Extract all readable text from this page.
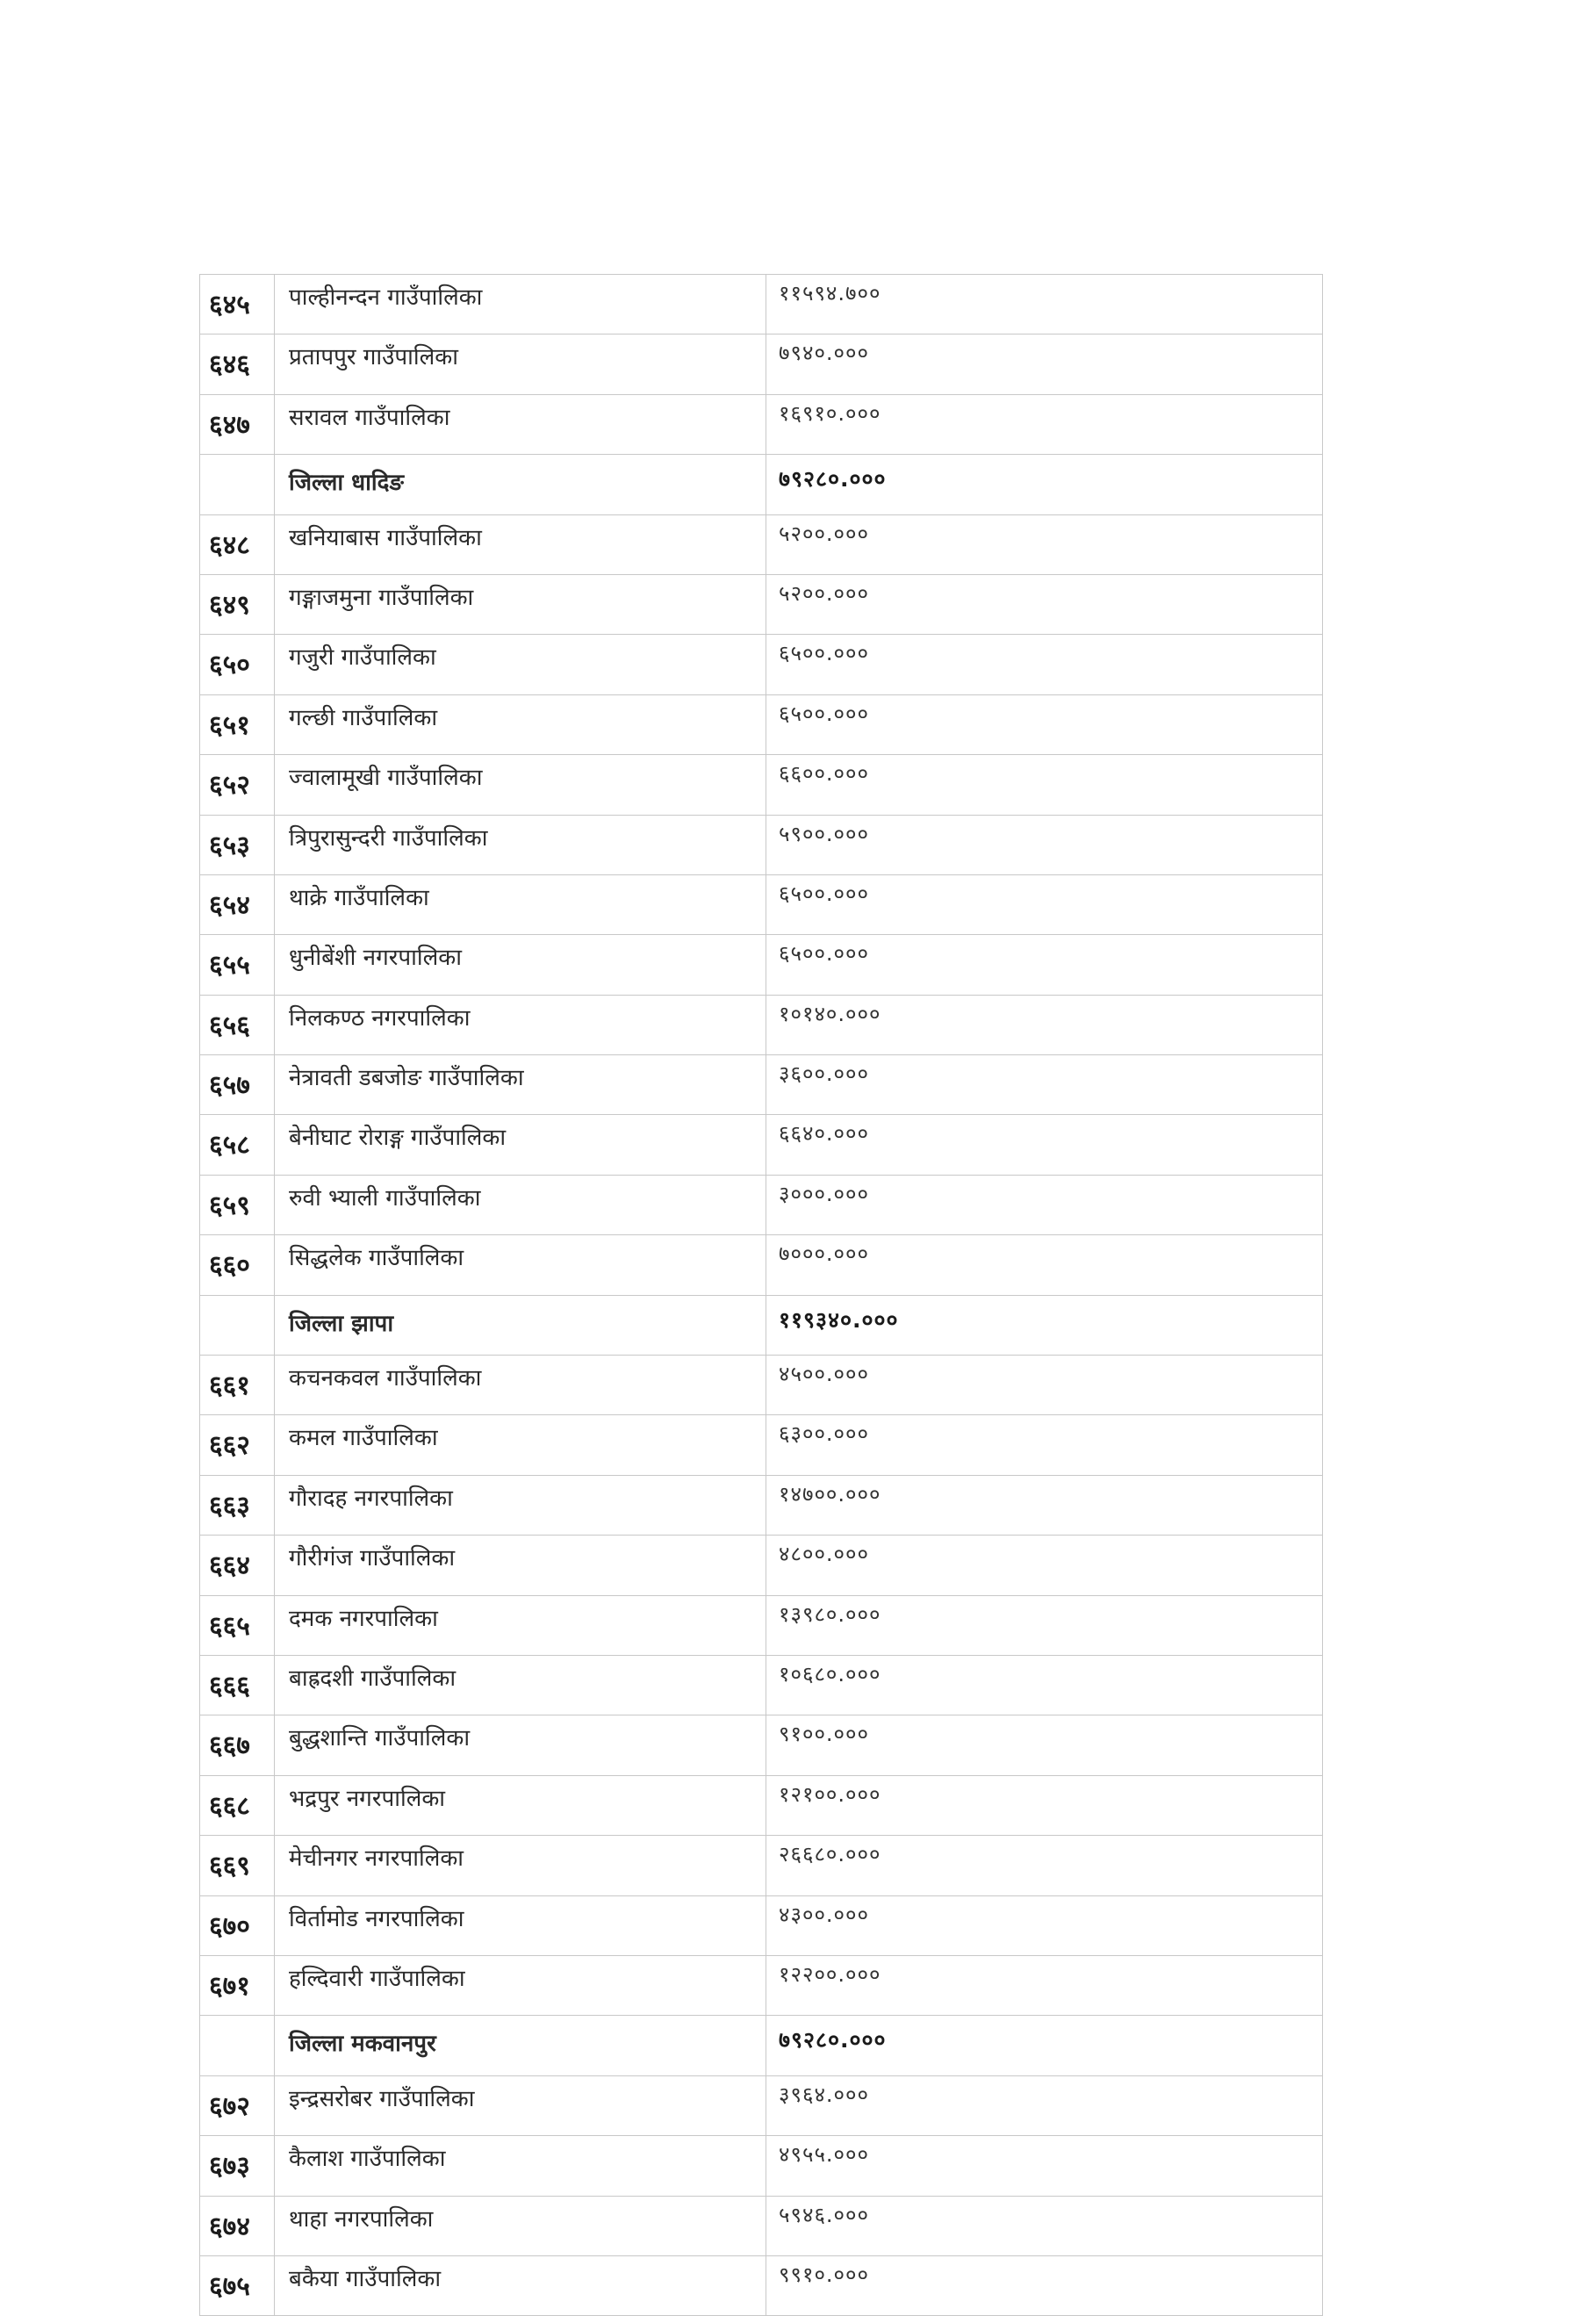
६४५	पाल्हीनन्दन गाउँपालिका	११५९४.७००
६४६	प्रतापपुर गाउँपालिका	७९४०.०००
६४७	सरावल गाउँपालिका	१६९१०.०००
	जिल्ला धादिङ	७९२८०.०००
६४८	खनियाबास गाउँपालिका	५२००.०००
६४९	गङ्गाजमुना गाउँपालिका	५२००.०००
६५०	गजुरी गाउँपालिका	६५००.०००
६५१	गल्छी गाउँपालिका	६५००.०००
६५२	ज्वालामूखी गाउँपालिका	६६००.०००
६५३	त्रिपुरासुन्दरी गाउँपालिका	५९००.०००
६५४	थाक्रे गाउँपालिका	६५००.०००
६५५	धुनीबेंशी नगरपालिका	६५००.०००
६५६	निलकण्ठ नगरपालिका	१०१४०.०००
६५७	नेत्रावती डबजोङ गाउँपालिका	३६००.०००
६५८	बेनीघाट रोराङ्ग गाउँपालिका	६६४०.०००
६५९	रुवी भ्याली गाउँपालिका	३०००.०००
६६०	सिद्धलेक गाउँपालिका	७०००.०००
	जिल्ला झापा	११९३४०.०००
६६१	कचनकवल गाउँपालिका	४५००.०००
६६२	कमल गाउँपालिका	६३००.०००
६६३	गौरादह नगरपालिका	१४७००.०००
६६४	गौरीगंज गाउँपालिका	४८००.०००
६६५	दमक नगरपालिका	१३९८०.०००
६६६	बाह्रदशी गाउँपालिका	१०६८०.०००
६६७	बुद्धशान्ति गाउँपालिका	९१००.०००
६६८	भद्रपुर नगरपालिका	१२१००.०००
६६९	मेचीनगर नगरपालिका	२६६८०.०००
६७०	विर्तामोड नगरपालिका	४३००.०००
६७१	हल्दिवारी गाउँपालिका	१२२००.०००
	जिल्ला मकवानपुर	७९२८०.०००
६७२	इन्द्रसरोबर गाउँपालिका	३९६४.०००
६७३	कैलाश गाउँपालिका	४९५५.०००
६७४	थाहा नगरपालिका	५९४६.०००
६७५	बकैया गाउँपालिका	९९१०.०००
